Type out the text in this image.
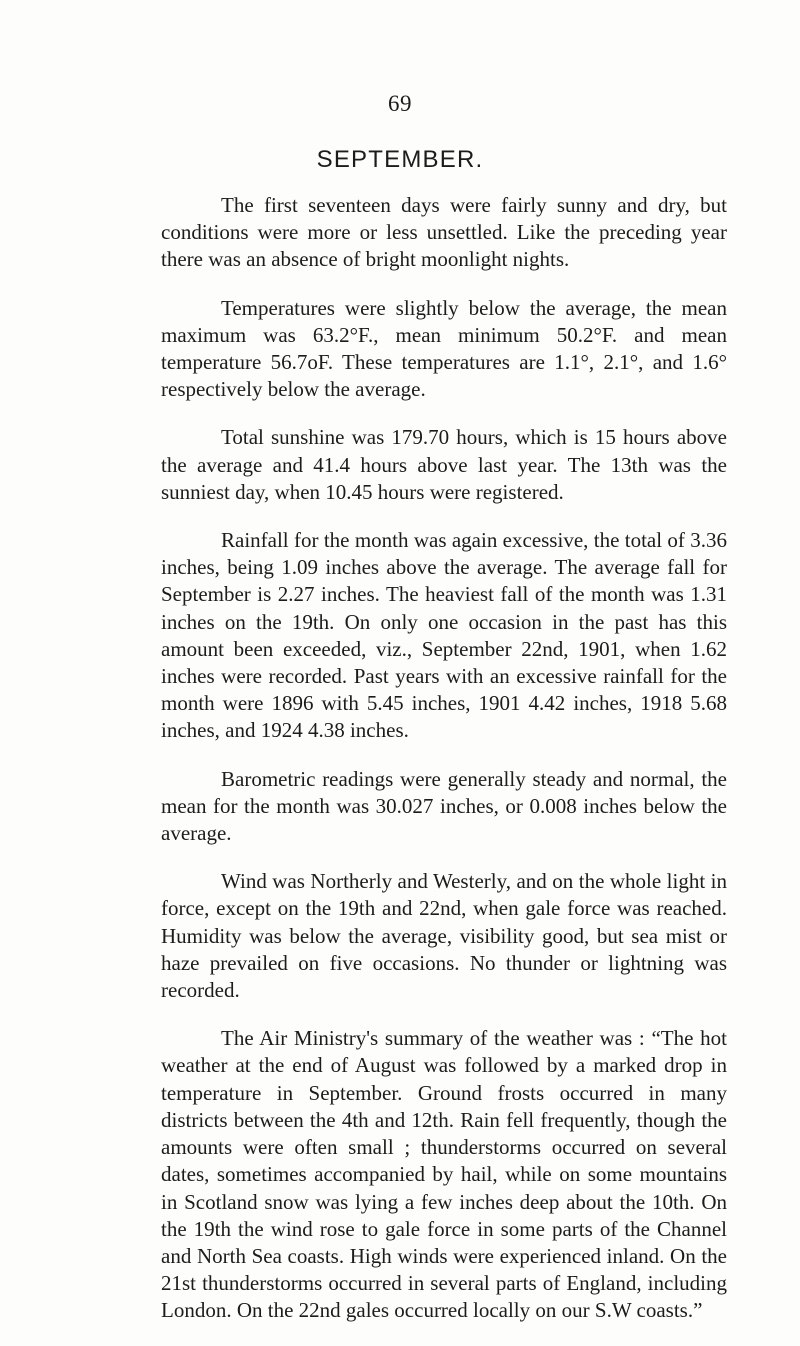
69
SEPTEMBER.

The first seventeen days were fairly sunny and dry, but conditions were more or less unsettled. Like the preceding year there was an absence of bright moonlight nights.

Temperatures were slightly below the average, the mean maximum was 63.2°F., mean minimum 50.2°F. and mean temperature 56.7oF. These temperatures are 1.1°, 2.1°, and 1.6° respectively below the average.

Total sunshine was 179.70 hours, which is 15 hours above the average and 41.4 hours above last year. The 13th was the sunniest day, when 10.45 hours were registered.

Rainfall for the month was again excessive, the total of 3.36 inches, being 1.09 inches above the average. The average fall for September is 2.27 inches. The heaviest fall of the month was 1.31 inches on the 19th. On only one occasion in the past has this amount been exceeded, viz., September 22nd, 1901, when 1.62 inches were recorded. Past years with an excessive rainfall for the month were 1896 with 5.45 inches, 1901 4.42 inches, 1918 5.68 inches, and 1924 4.38 inches.

Barometric readings were generally steady and normal, the mean for the month was 30.027 inches, or 0.008 inches below the average.

Wind was Northerly and Westerly, and on the whole light in force, except on the 19th and 22nd, when gale force was reached. Humidity was below the average, visibility good, but sea mist or haze prevailed on five occasions. No thunder or lightning was recorded.

The Air Ministry's summary of the weather was : “The hot weather at the end of August was followed by a marked drop in temperature in September. Ground frosts occurred in many districts between the 4th and 12th. Rain fell frequently, though the amounts were often small ; thunderstorms occurred on several dates, sometimes accompanied by hail, while on some mountains in Scotland snow was lying a few inches deep about the 10th. On the 19th the wind rose to gale force in some parts of the Channel and North Sea coasts. High winds were experienced inland. On the 21st thunderstorms occurred in several parts of England, including London. On the 22nd gales occurred locally on our S.W coasts.”
